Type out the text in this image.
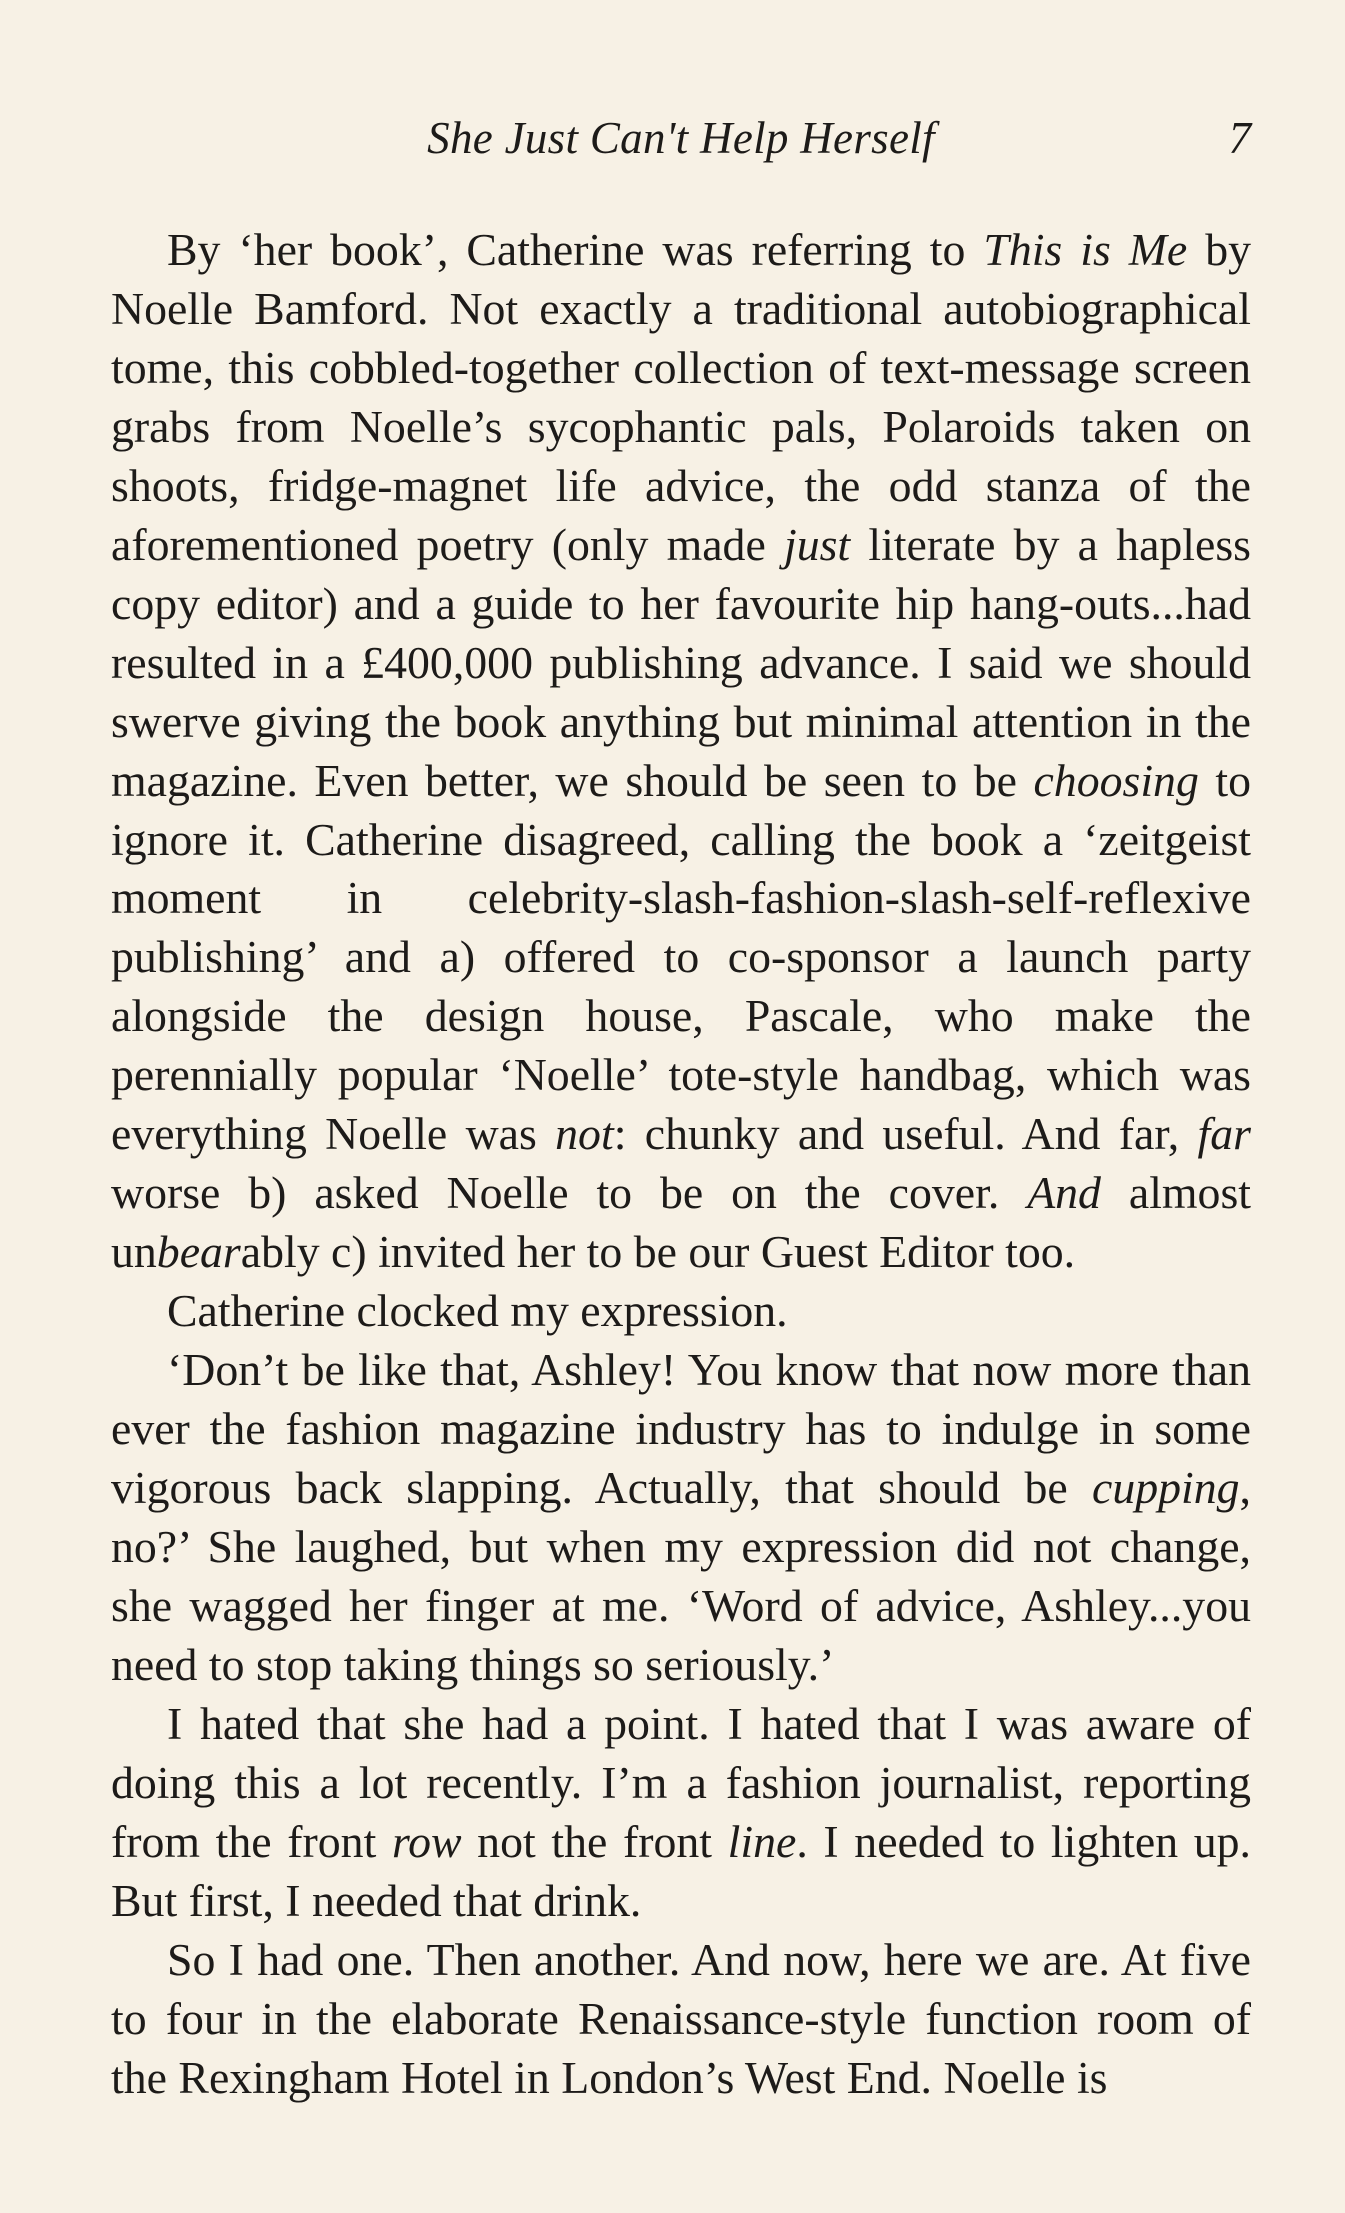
She Just Can't Help Herself	7

By ‘her book’, Catherine was referring to This is Me by Noelle Bamford. Not exactly a traditional autobiographical tome, this cobbled-together collection of text-message screen grabs from Noelle’s sycophantic pals, Polaroids taken on shoots, fridge-magnet life advice, the odd stanza of the aforementioned poetry (only made just literate by a hapless copy editor) and a guide to her favourite hip hang-outs...had resulted in a £400,000 publishing advance. I said we should swerve giving the book anything but minimal attention in the magazine. Even better, we should be seen to be choosing to ignore it. Catherine disagreed, calling the book a ‘zeitgeist moment in celebrity-slash-fashion-slash-self-reflexive publishing’ and a) offered to co-sponsor a launch party alongside the design house, Pascale, who make the perennially popular ‘Noelle’ tote-style handbag, which was everything Noelle was not: chunky and useful. And far, far worse b) asked Noelle to be on the cover. And almost unbearably c) invited her to be our Guest Editor too.

Catherine clocked my expression.

‘Don’t be like that, Ashley! You know that now more than ever the fashion magazine industry has to indulge in some vigorous back slapping. Actually, that should be cupping, no?’ She laughed, but when my expression did not change, she wagged her finger at me. ‘Word of advice, Ashley...you need to stop taking things so seriously.’

I hated that she had a point. I hated that I was aware of doing this a lot recently. I’m a fashion journalist, reporting from the front row not the front line. I needed to lighten up. But first, I needed that drink.

So I had one. Then another. And now, here we are. At five to four in the elaborate Renaissance-style function room of the Rexingham Hotel in London’s West End. Noelle is
